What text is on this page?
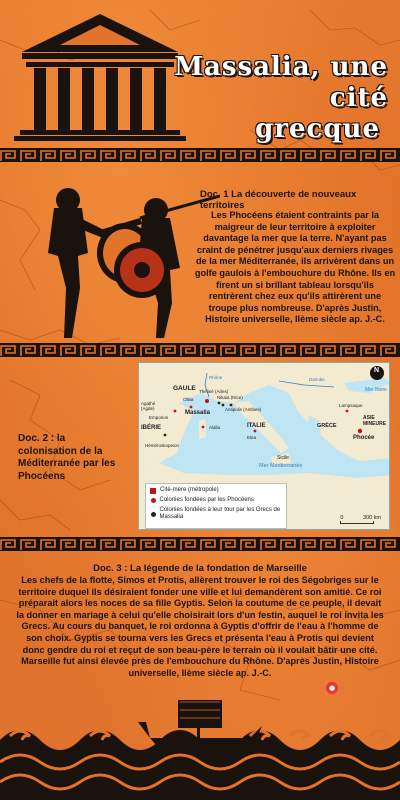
Massalia, une cité
grecque
Doc. 1 La découverte de nouveaux territoires
Les Phocéens étaient contraints par la maigreur de leur territoire à exploiter davantage la mer que la terre. N'ayant pas craint de pénétrer jusqu'aux derniers rivages de la mer Méditerranée, ils arrivèrent dans un golfe gaulois à l'embouchure du Rhône. Ils en firent un si brillant tableau lorsqu'ils rentrèrent chez eux qu'ils attirèrent une troupe plus nombreuse. D'après Justin, Histoire universelle, IIème siècle ap. J.-C.
Doc. 2 : la colonisation de la Méditerranée par les Phocéens
N
GAULE Théliné (Arles)
Agathé (Agde)
Massalia
Nikaia (Nice)
Antipolis (Antibes)
IBÉRIE
Emporion
Héméroskopeion
Alalia	ITALIE
Elea
Sicile
Mer Méditerranée
Lampsaque
GRÈCE
ASIE MINEURE
Phocée
Mer Noire
Danube
Rhône
Olbia
Cité-mère (métropole)
Colonies fondées par les Phocéens
Colonies fondées à leur tour par les Grecs de Massalia	0	300 km
Doc. 3 : La légende de la fondation de Marseille
Les chefs de la flotte, Simos et Protis, allèrent trouver le roi des Ségobriges sur le territoire duquel ils désiraient fonder une ville et lui demandèrent son amitié. Ce roi préparait alors les noces de sa fille Gyptis. Selon la coutume de ce peuple, il devait la donner en mariage à celui qu'elle choisirait lors d'un festin, auquel le roi invita les Grecs. Au cours du banquet, le roi ordonna à Gyptis d'offrir de l'eau à l'homme de son choix. Gyptis se tourna vers les Grecs et présenta l'eau à Protis qui devient donc gendre du roi et reçut de son beau-père le terrain où il voulait bâtir une cité. Marseille fut ainsi élevée près de l'embouchure du Rhône. D'après Justin, Histoire universelle, IIème siècle ap. J.-C.
●
